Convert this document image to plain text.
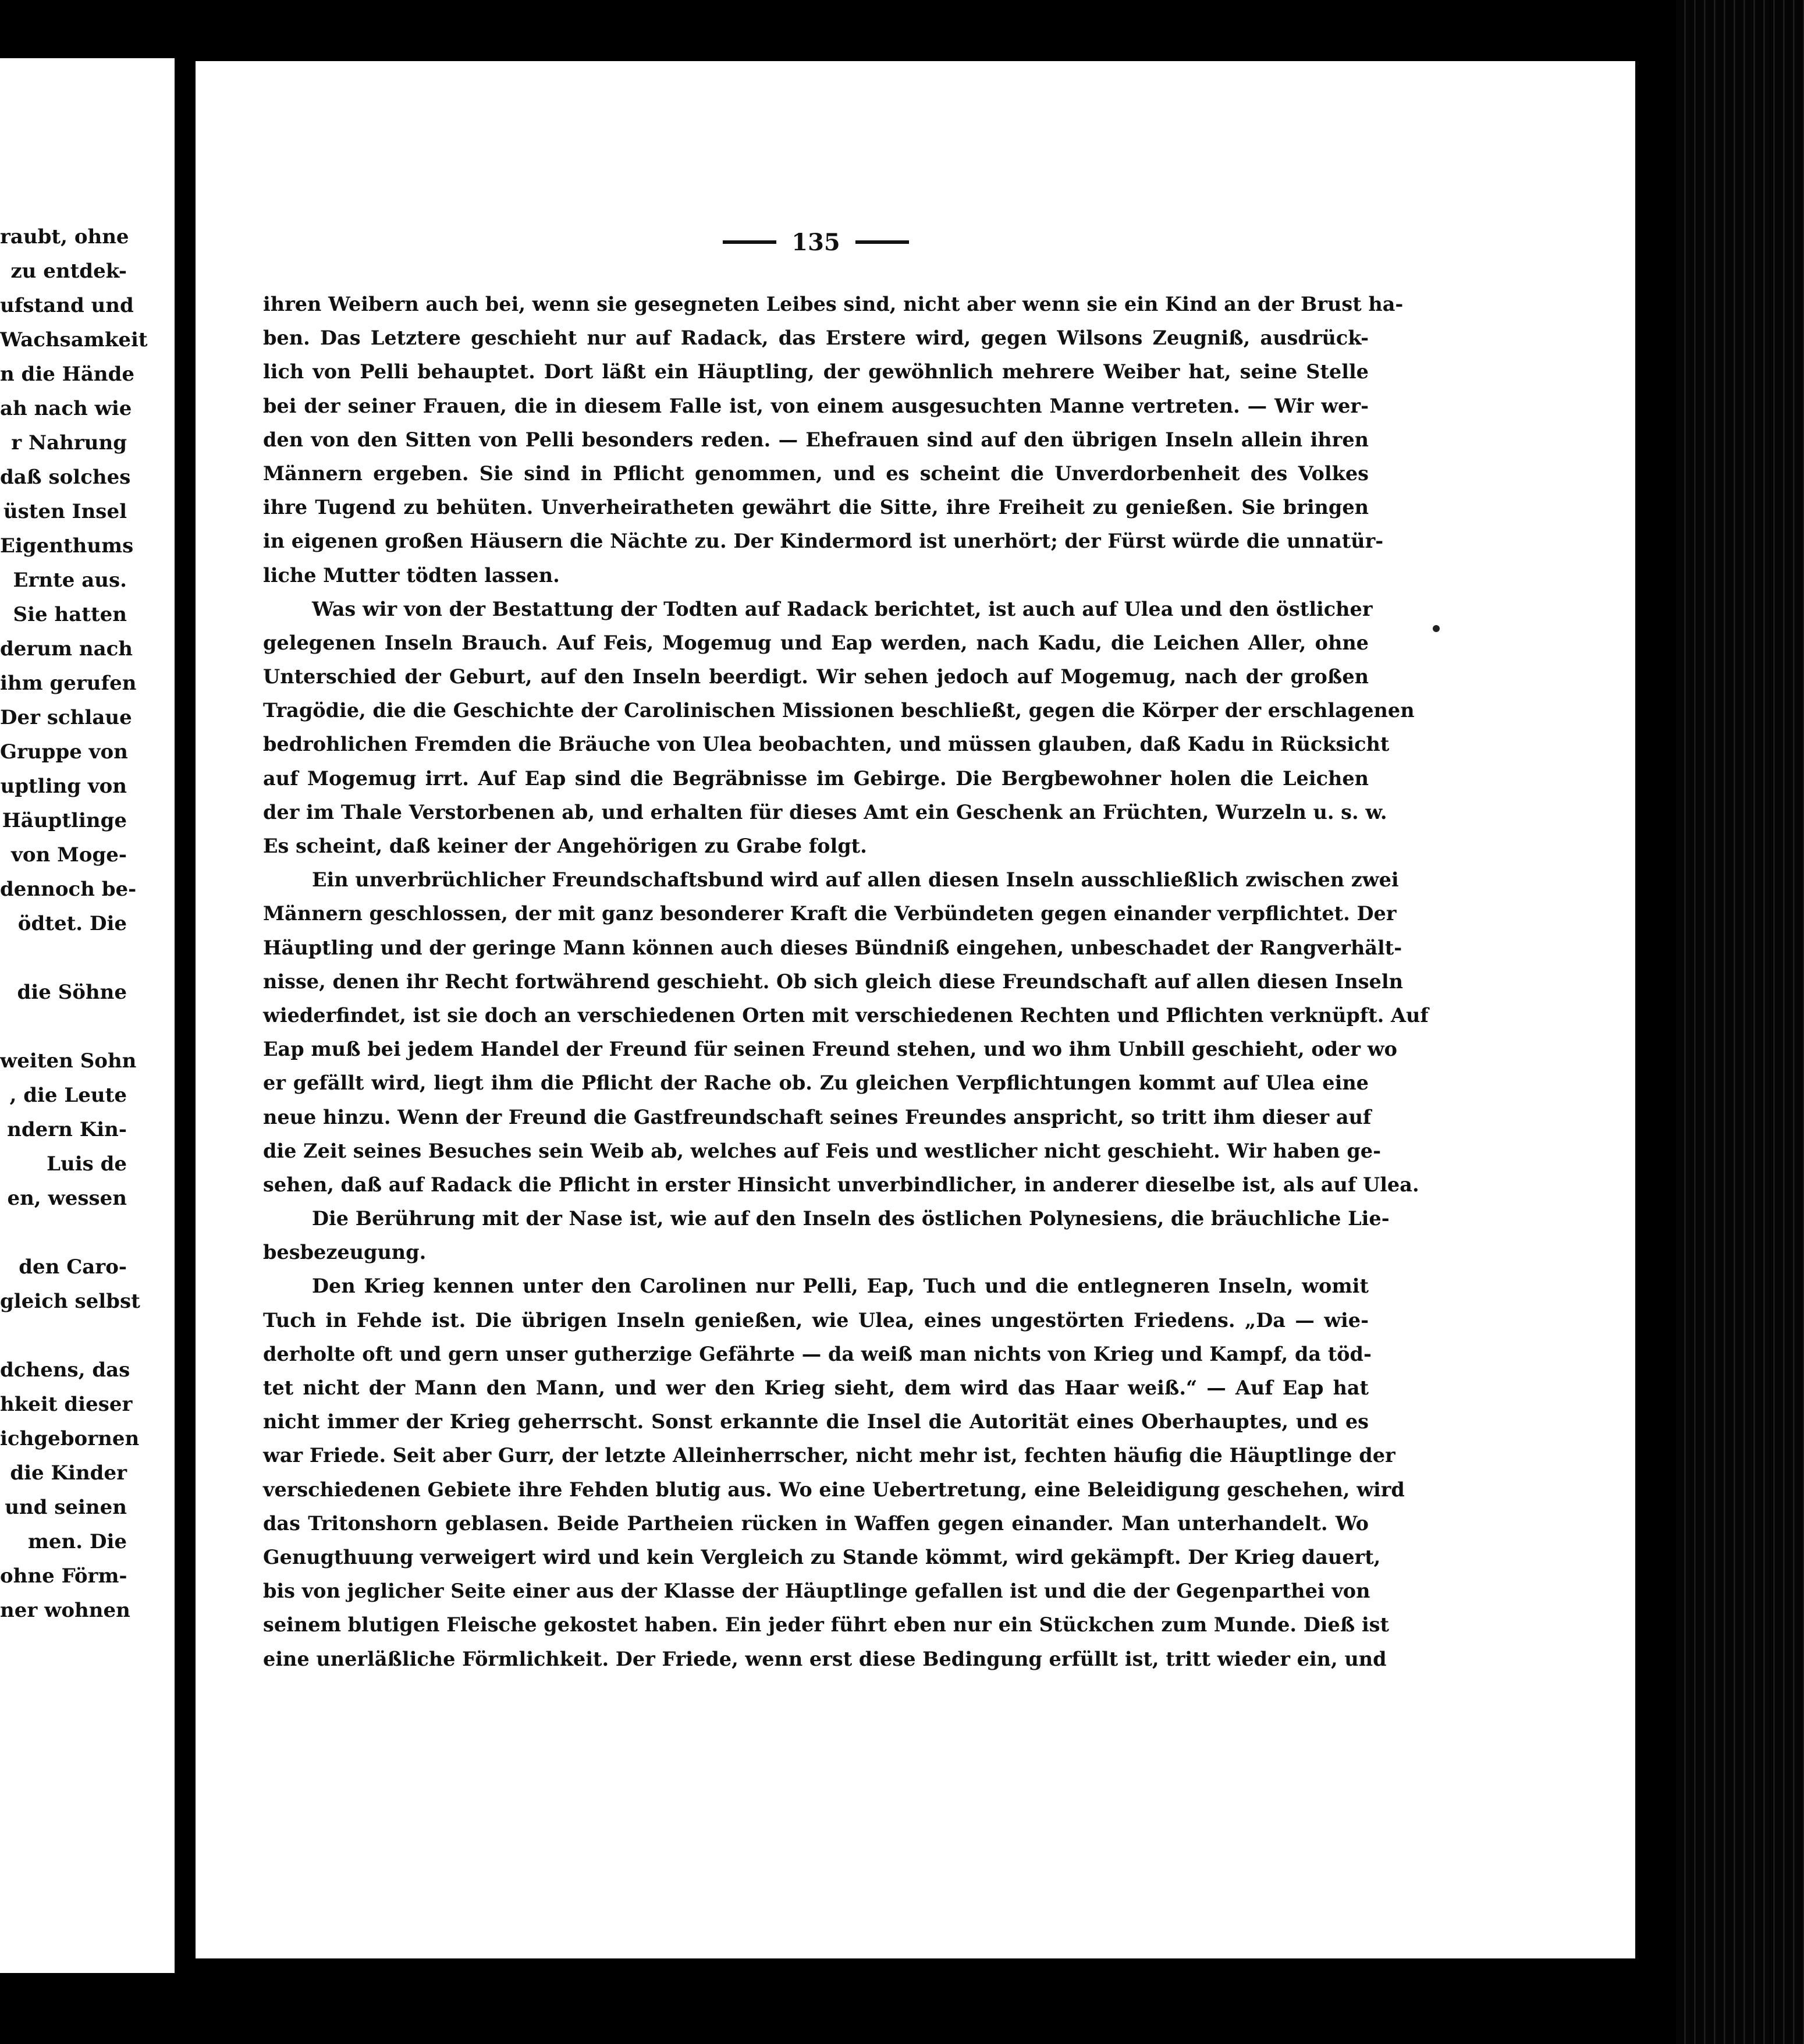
raubt, ohne
zu entdek-
ufstand und
Wachsamkeit
n die Hände
ah nach wie
r Nahrung
daß solches
üsten Insel
Eigenthums
Ernte aus.
Sie hatten
derum nach
ihm gerufen
Der schlaue
Gruppe von
uptling von
Häuptlinge
von Moge-
dennoch be-
ödtet. Die
die Söhne
weiten Sohn
, die Leute
ndern Kin-
Luis de
en, wessen
den Caro-
gleich selbst
dchens, das
hkeit dieser
ichgebornen
die Kinder
und seinen
men. Die
ohne Förm-
ner wohnen
135
ihren Weibern auch bei, wenn sie gesegneten Leibes sind, nicht aber wenn sie ein Kind an der Brust ha-
ben. Das Letztere geschieht nur auf Radack, das Erstere wird, gegen Wilsons Zeugniß, ausdrück-
lich von Pelli behauptet. Dort läßt ein Häuptling, der gewöhnlich mehrere Weiber hat, seine Stelle
bei der seiner Frauen, die in diesem Falle ist, von einem ausgesuchten Manne vertreten. — Wir wer-
den von den Sitten von Pelli besonders reden. — Ehefrauen sind auf den übrigen Inseln allein ihren
Männern ergeben. Sie sind in Pflicht genommen, und es scheint die Unverdorbenheit des Volkes
ihre Tugend zu behüten. Unverheiratheten gewährt die Sitte, ihre Freiheit zu genießen. Sie bringen
in eigenen großen Häusern die Nächte zu. Der Kindermord ist unerhört; der Fürst würde die unnatür-
liche Mutter tödten lassen.
Was wir von der Bestattung der Todten auf Radack berichtet, ist auch auf Ulea und den östlicher
gelegenen Inseln Brauch. Auf Feis, Mogemug und Eap werden, nach Kadu, die Leichen Aller, ohne
Unterschied der Geburt, auf den Inseln beerdigt. Wir sehen jedoch auf Mogemug, nach der großen
Tragödie, die die Geschichte der Carolinischen Missionen beschließt, gegen die Körper der erschlagenen
bedrohlichen Fremden die Bräuche von Ulea beobachten, und müssen glauben, daß Kadu in Rücksicht
auf Mogemug irrt. Auf Eap sind die Begräbnisse im Gebirge. Die Bergbewohner holen die Leichen
der im Thale Verstorbenen ab, und erhalten für dieses Amt ein Geschenk an Früchten, Wurzeln u. s. w.
Es scheint, daß keiner der Angehörigen zu Grabe folgt.
Ein unverbrüchlicher Freundschaftsbund wird auf allen diesen Inseln ausschließlich zwischen zwei
Männern geschlossen, der mit ganz besonderer Kraft die Verbündeten gegen einander verpflichtet. Der
Häuptling und der geringe Mann können auch dieses Bündniß eingehen, unbeschadet der Rangverhält-
nisse, denen ihr Recht fortwährend geschieht. Ob sich gleich diese Freundschaft auf allen diesen Inseln
wiederfindet, ist sie doch an verschiedenen Orten mit verschiedenen Rechten und Pflichten verknüpft. Auf
Eap muß bei jedem Handel der Freund für seinen Freund stehen, und wo ihm Unbill geschieht, oder wo
er gefällt wird, liegt ihm die Pflicht der Rache ob. Zu gleichen Verpflichtungen kommt auf Ulea eine
neue hinzu. Wenn der Freund die Gastfreundschaft seines Freundes anspricht, so tritt ihm dieser auf
die Zeit seines Besuches sein Weib ab, welches auf Feis und westlicher nicht geschieht. Wir haben ge-
sehen, daß auf Radack die Pflicht in erster Hinsicht unverbindlicher, in anderer dieselbe ist, als auf Ulea.
Die Berührung mit der Nase ist, wie auf den Inseln des östlichen Polynesiens, die bräuchliche Lie-
besbezeugung.
Den Krieg kennen unter den Carolinen nur Pelli, Eap, Tuch und die entlegneren Inseln, womit
Tuch in Fehde ist. Die übrigen Inseln genießen, wie Ulea, eines ungestörten Friedens. „Da — wie-
derholte oft und gern unser gutherzige Gefährte — da weiß man nichts von Krieg und Kampf, da töd-
tet nicht der Mann den Mann, und wer den Krieg sieht, dem wird das Haar weiß.“ — Auf Eap hat
nicht immer der Krieg geherrscht. Sonst erkannte die Insel die Autorität eines Oberhauptes, und es
war Friede. Seit aber Gurr, der letzte Alleinherrscher, nicht mehr ist, fechten häufig die Häuptlinge der
verschiedenen Gebiete ihre Fehden blutig aus. Wo eine Uebertretung, eine Beleidigung geschehen, wird
das Tritonshorn geblasen. Beide Partheien rücken in Waffen gegen einander. Man unterhandelt. Wo
Genugthuung verweigert wird und kein Vergleich zu Stande kömmt, wird gekämpft. Der Krieg dauert,
bis von jeglicher Seite einer aus der Klasse der Häuptlinge gefallen ist und die der Gegenparthei von
seinem blutigen Fleische gekostet haben. Ein jeder führt eben nur ein Stückchen zum Munde. Dieß ist
eine unerläßliche Förmlichkeit. Der Friede, wenn erst diese Bedingung erfüllt ist, tritt wieder ein, und
